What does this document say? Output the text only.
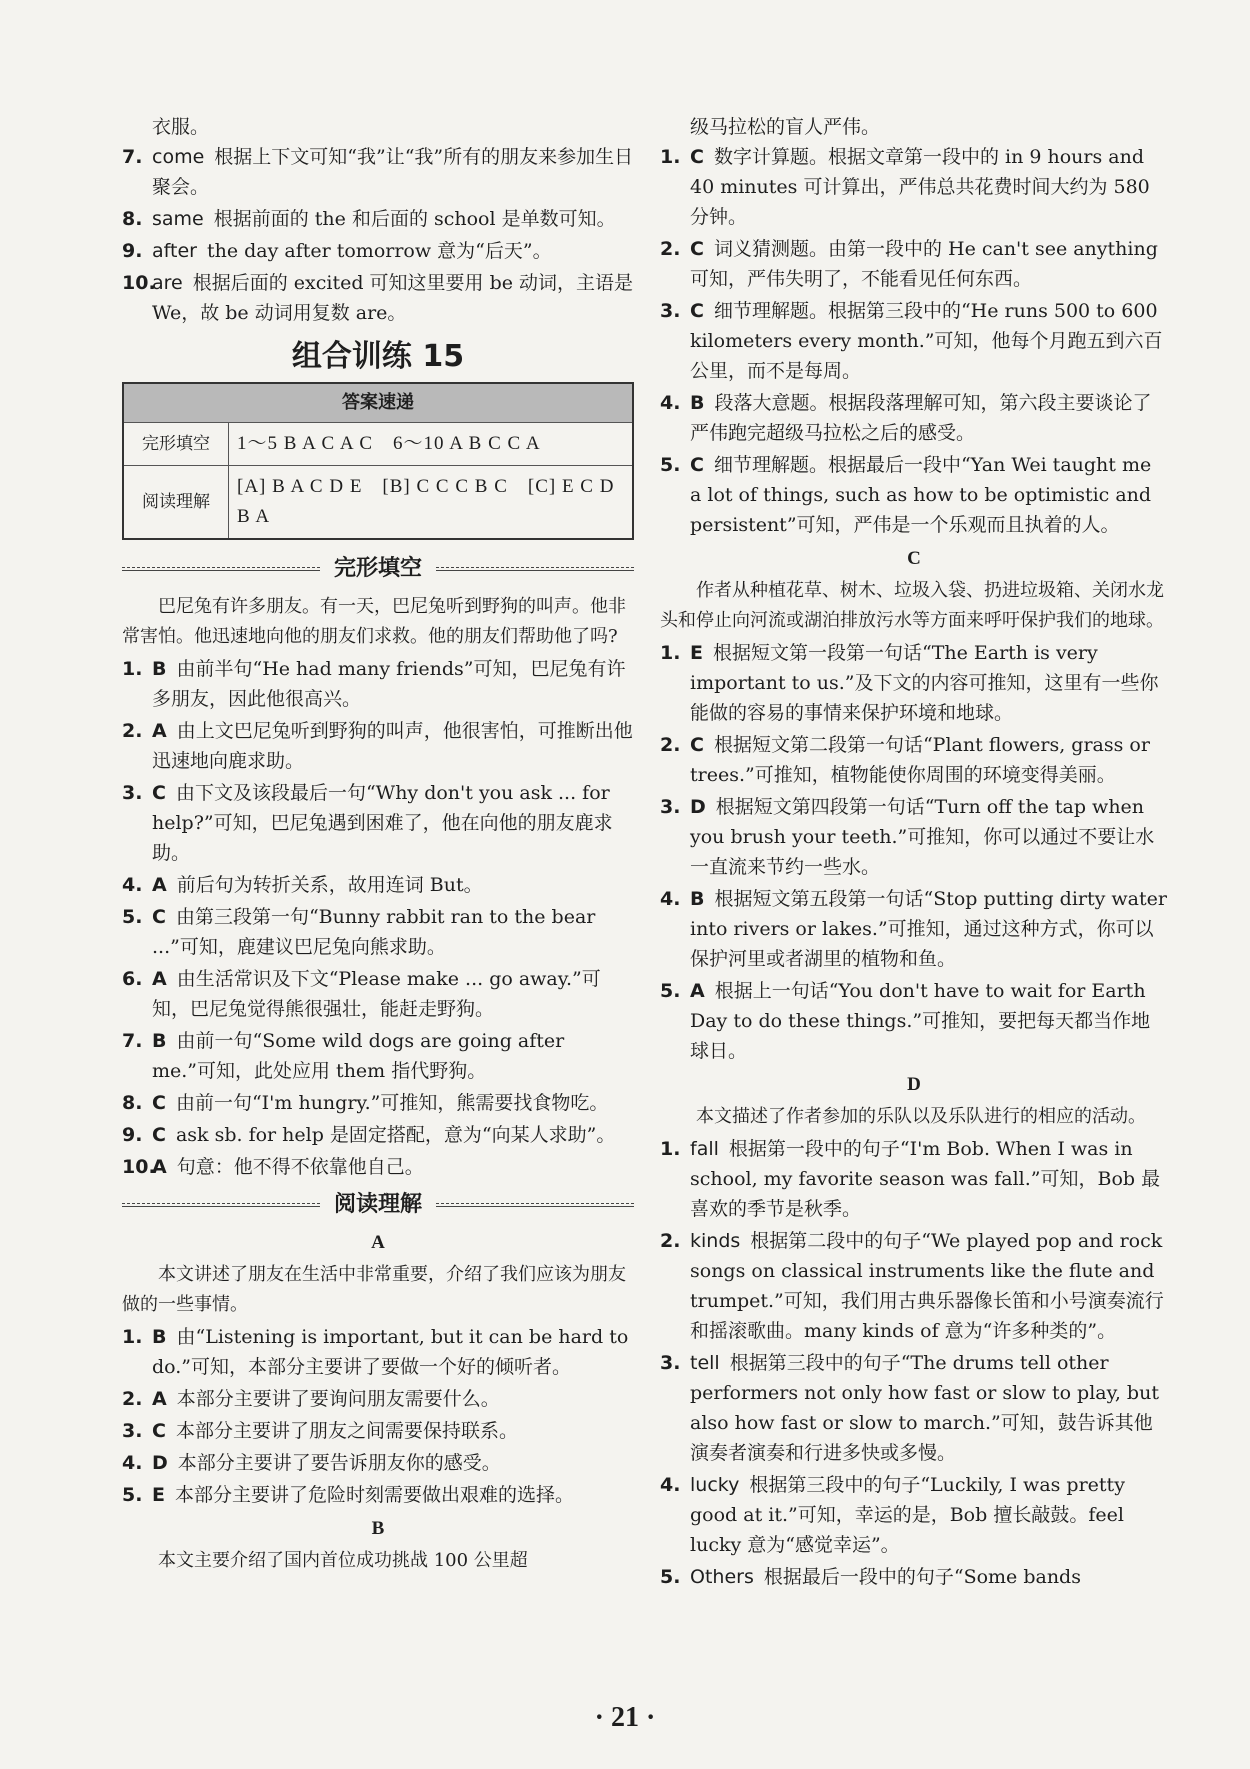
衣服。

7. come 根据上下文可知“我”让“我”所有的朋友来参加生日聚会。
8. same 根据前面的 the 和后面的 school 是单数可知。
9. after the day after tomorrow 意为“后天”。
10.
are 根据后面的 excited 可知这里要用 be 动词，主语是 We，故 be 动词用复数 are。
组合训练 15
答案速递	
完形填空	1～5 B A C A C　6～10 A B C C A
阅读理解	[A] B A C D E　[B] C C C B C　[C] E C D B A
完形填空

巴尼兔有许多朋友。有一天，巴尼兔听到野狗的叫声。他非常害怕。他迅速地向他的朋友们求救。他的朋友们帮助他了吗?

1. B 由前半句“He had many friends”可知，巴尼兔有许多朋友，因此他很高兴。
2. A 由上文巴尼兔听到野狗的叫声，他很害怕，可推断出他迅速地向鹿求助。
3. C 由下文及该段最后一句“Why don't you ask ... for help?”可知，巴尼兔遇到困难了，他在向他的朋友鹿求助。
4. A 前后句为转折关系，故用连词 But。
5. C 由第三段第一句“Bunny rabbit ran to the bear ...”可知，鹿建议巴尼兔向熊求助。
6. A 由生活常识及下文“Please make ... go away.”可知，巴尼兔觉得熊很强壮，能赶走野狗。
7. B 由前一句“Some wild dogs are going after me.”可知，此处应用 them 指代野狗。
8. C 由前一句“I'm hungry.”可推知，熊需要找食物吃。
9. C ask sb. for help 是固定搭配，意为“向某人求助”。
10.
A 句意：他不得不依靠他自己。
阅读理解
A

本文讲述了朋友在生活中非常重要，介绍了我们应该为朋友做的一些事情。

1. B 由“Listening is important, but it can be hard to do.”可知，本部分主要讲了要做一个好的倾听者。
2. A 本部分主要讲了要询问朋友需要什么。
3. C 本部分主要讲了朋友之间需要保持联系。
4. D 本部分主要讲了要告诉朋友你的感受。
5. E 本部分主要讲了危险时刻需要做出艰难的选择。
B

本文主要介绍了国内首位成功挑战 100 公里超

级马拉松的盲人严伟。

1. C 数字计算题。根据文章第一段中的 in 9 hours and 40 minutes 可计算出，严伟总共花费时间大约为 580 分钟。
2. C 词义猜测题。由第一段中的 He can't see anything 可知，严伟失明了，不能看见任何东西。
3. C 细节理解题。根据第三段中的“He runs 500 to 600 kilometers every month.”可知，他每个月跑五到六百公里，而不是每周。
4. B 段落大意题。根据段落理解可知，第六段主要谈论了严伟跑完超级马拉松之后的感受。
5. C 细节理解题。根据最后一段中“Yan Wei taught me a lot of things, such as how to be optimistic and persistent”可知，严伟是一个乐观而且执着的人。
C

作者从种植花草、树木、垃圾入袋、扔进垃圾箱、关闭水龙头和停止向河流或湖泊排放污水等方面来呼吁保护我们的地球。

1. E 根据短文第一段第一句话“The Earth is very important to us.”及下文的内容可推知，这里有一些你能做的容易的事情来保护环境和地球。
2. C 根据短文第二段第一句话“Plant flowers, grass or trees.”可推知，植物能使你周围的环境变得美丽。
3. D 根据短文第四段第一句话“Turn off the tap when you brush your teeth.”可推知，你可以通过不要让水一直流来节约一些水。
4. B 根据短文第五段第一句话“Stop putting dirty water into rivers or lakes.”可推知，通过这种方式，你可以保护河里或者湖里的植物和鱼。
5. A 根据上一句话“You don't have to wait for Earth Day to do these things.”可推知，要把每天都当作地球日。
D

本文描述了作者参加的乐队以及乐队进行的相应的活动。

1. fall 根据第一段中的句子“I'm Bob. When I was in school, my favorite season was fall.”可知，Bob 最喜欢的季节是秋季。
2. kinds 根据第二段中的句子“We played pop and rock songs on classical instruments like the flute and trumpet.”可知，我们用古典乐器像长笛和小号演奏流行和摇滚歌曲。many kinds of 意为“许多种类的”。
3. tell 根据第三段中的句子“The drums tell other performers not only how fast or slow to play, but also how fast or slow to march.”可知，鼓告诉其他演奏者演奏和行进多快或多慢。
4. lucky 根据第三段中的句子“Luckily, I was pretty good at it.”可知，幸运的是，Bob 擅长敲鼓。feel lucky 意为“感觉幸运”。
5. Others 根据最后一段中的句子“Some bands
· 21 ·
